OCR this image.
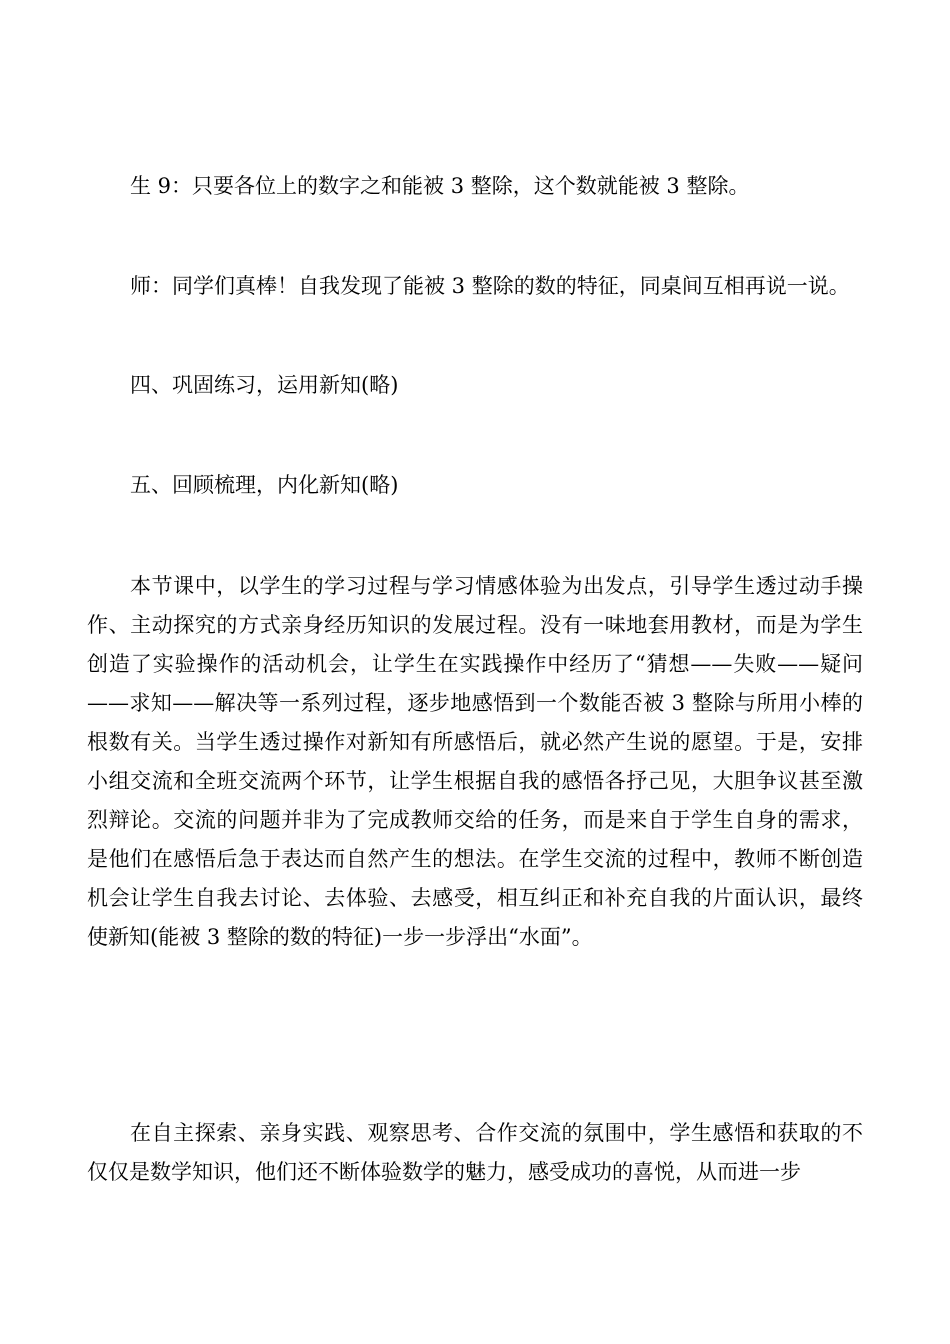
生 9：只要各位上的数字之和能被 3 整除，这个数就能被 3 整除。

师：同学们真棒！自我发现了能被 3 整除的数的特征，同桌间互相再说一说。

四、巩固练习，运用新知(略)

五、回顾梳理，内化新知(略)

本节课中，以学生的学习过程与学习情感体验为出发点，引导学生透过动手操作、主动探究的方式亲身经历知识的发展过程。没有一味地套用教材，而是为学生创造了实验操作的活动机会，让学生在实践操作中经历了“猜想——失败——疑问——求知——解决等一系列过程，逐步地感悟到一个数能否被 3 整除与所用小棒的根数有关。当学生透过操作对新知有所感悟后，就必然产生说的愿望。于是，安排小组交流和全班交流两个环节，让学生根据自我的感悟各抒己见，大胆争议甚至激烈辩论。交流的问题并非为了完成教师交给的任务，而是来自于学生自身的需求，是他们在感悟后急于表达而自然产生的想法。在学生交流的过程中，教师不断创造机会让学生自我去讨论、去体验、去感受，相互纠正和补充自我的片面认识，最终使新知(能被 3 整除的数的特征)一步一步浮出“水面”。

在自主探索、亲身实践、观察思考、合作交流的氛围中，学生感悟和获取的不仅仅是数学知识，他们还不断体验数学的魅力，感受成功的喜悦，从而进一步
